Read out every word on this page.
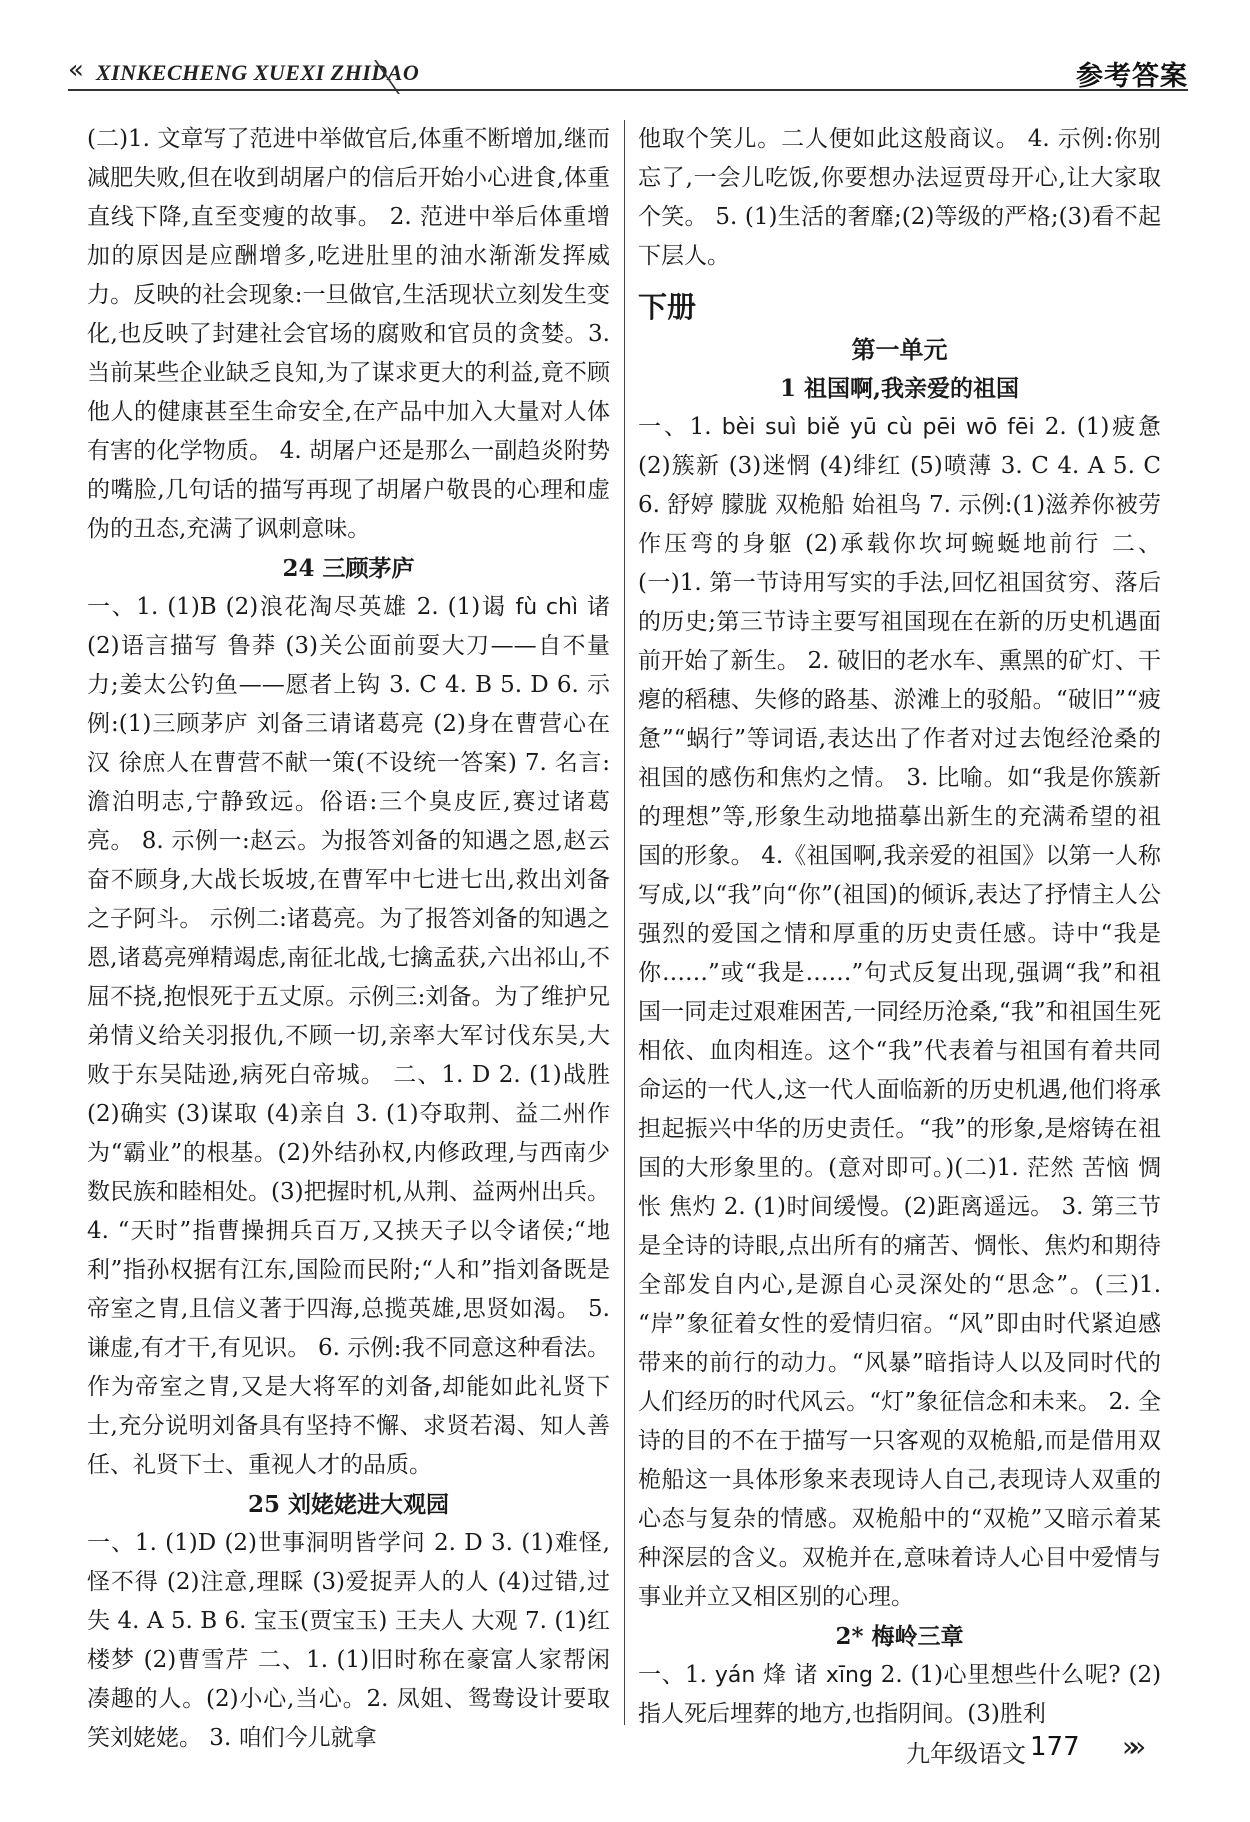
« XINKECHENG XUEXI ZHIDAO	参考答案

(二)1. 文章写了范进中举做官后,体重不断增加,继而减肥失败,但在收到胡屠户的信后开始小心进食,体重直线下降,直至变瘦的故事。 2. 范进中举后体重增加的原因是应酬增多,吃进肚里的油水渐渐发挥威力。反映的社会现象:一旦做官,生活现状立刻发生变化,也反映了封建社会官场的腐败和官员的贪婪。3. 当前某些企业缺乏良知,为了谋求更大的利益,竟不顾他人的健康甚至生命安全,在产品中加入大量对人体有害的化学物质。 4. 胡屠户还是那么一副趋炎附势的嘴脸,几句话的描写再现了胡屠户敬畏的心理和虚伪的丑态,充满了讽刺意味。

24 三顾茅庐

一、1. (1)B (2)浪花淘尽英雄 2. (1)谒 fù chì 诸 (2)语言描写 鲁莽 (3)关公面前耍大刀——自不量力;姜太公钓鱼——愿者上钩 3. C 4. B 5. D 6. 示例:(1)三顾茅庐 刘备三请诸葛亮 (2)身在曹营心在汉 徐庶人在曹营不献一策(不设统一答案) 7. 名言:澹泊明志,宁静致远。俗语:三个臭皮匠,赛过诸葛亮。 8. 示例一:赵云。为报答刘备的知遇之恩,赵云奋不顾身,大战长坂坡,在曹军中七进七出,救出刘备之子阿斗。 示例二:诸葛亮。为了报答刘备的知遇之恩,诸葛亮殚精竭虑,南征北战,七擒孟获,六出祁山,不屈不挠,抱恨死于五丈原。示例三:刘备。为了维护兄弟情义给关羽报仇,不顾一切,亲率大军讨伐东吴,大败于东吴陆逊,病死白帝城。 二、1. D 2. (1)战胜 (2)确实 (3)谋取 (4)亲自 3. (1)夺取荆、益二州作为“霸业”的根基。(2)外结孙权,内修政理,与西南少数民族和睦相处。(3)把握时机,从荆、益两州出兵。 4. “天时”指曹操拥兵百万,又挟天子以令诸侯;“地利”指孙权据有江东,国险而民附;“人和”指刘备既是帝室之胄,且信义著于四海,总揽英雄,思贤如渴。 5. 谦虚,有才干,有见识。 6. 示例:我不同意这种看法。作为帝室之胄,又是大将军的刘备,却能如此礼贤下士,充分说明刘备具有坚持不懈、求贤若渴、知人善任、礼贤下士、重视人才的品质。

25 刘姥姥进大观园

一、1. (1)D (2)世事洞明皆学问 2. D 3. (1)难怪,怪不得 (2)注意,理睬 (3)爱捉弄人的人 (4)过错,过失 4. A 5. B 6. 宝玉(贾宝玉) 王夫人 大观 7. (1)红楼梦 (2)曹雪芹 二、1. (1)旧时称在豪富人家帮闲凑趣的人。(2)小心,当心。2. 凤姐、鸳鸯设计要取笑刘姥姥。 3. 咱们今儿就拿

他取个笑儿。二人便如此这般商议。 4. 示例:你别忘了,一会儿吃饭,你要想办法逗贾母开心,让大家取个笑。 5. (1)生活的奢靡;(2)等级的严格;(3)看不起下层人。

下册
第一单元
1 祖国啊,我亲爱的祖国

一、1. bèi suì biě yū cù pēi wō fēi 2. (1)疲惫 (2)簇新 (3)迷惘 (4)绯红 (5)喷薄 3. C 4. A 5. C 6. 舒婷 朦胧 双桅船 始祖鸟 7. 示例:(1)滋养你被劳作压弯的身躯 (2)承载你坎坷蜿蜒地前行 二、(一)1. 第一节诗用写实的手法,回忆祖国贫穷、落后的历史;第三节诗主要写祖国现在在新的历史机遇面前开始了新生。 2. 破旧的老水车、熏黑的矿灯、干瘪的稻穗、失修的路基、淤滩上的驳船。“破旧”“疲惫”“蜗行”等词语,表达出了作者对过去饱经沧桑的祖国的感伤和焦灼之情。 3. 比喻。如“我是你簇新的理想”等,形象生动地描摹出新生的充满希望的祖国的形象。 4.《祖国啊,我亲爱的祖国》以第一人称写成,以“我”向“你”(祖国)的倾诉,表达了抒情主人公强烈的爱国之情和厚重的历史责任感。诗中“我是你……”或“我是……”句式反复出现,强调“我”和祖国一同走过艰难困苦,一同经历沧桑,“我”和祖国生死相依、血肉相连。这个“我”代表着与祖国有着共同命运的一代人,这一代人面临新的历史机遇,他们将承担起振兴中华的历史责任。“我”的形象,是熔铸在祖国的大形象里的。(意对即可。)(二)1. 茫然 苦恼 惆怅 焦灼 2. (1)时间缓慢。(2)距离遥远。 3. 第三节是全诗的诗眼,点出所有的痛苦、惆怅、焦灼和期待全部发自内心,是源自心灵深处的“思念”。(三)1. “岸”象征着女性的爱情归宿。“风”即由时代紧迫感带来的前行的动力。“风暴”暗指诗人以及同时代的人们经历的时代风云。“灯”象征信念和未来。 2. 全诗的目的不在于描写一只客观的双桅船,而是借用双桅船这一具体形象来表现诗人自己,表现诗人双重的心态与复杂的情感。双桅船中的“双桅”又暗示着某种深层的含义。双桅并在,意味着诗人心目中爱情与事业并立又相区别的心理。

2* 梅岭三章

一、1. yán 烽 诸 xīng 2. (1)心里想些什么呢? (2)指人死后埋葬的地方,也指阴间。(3)胜利

九年级语文 177 »»
